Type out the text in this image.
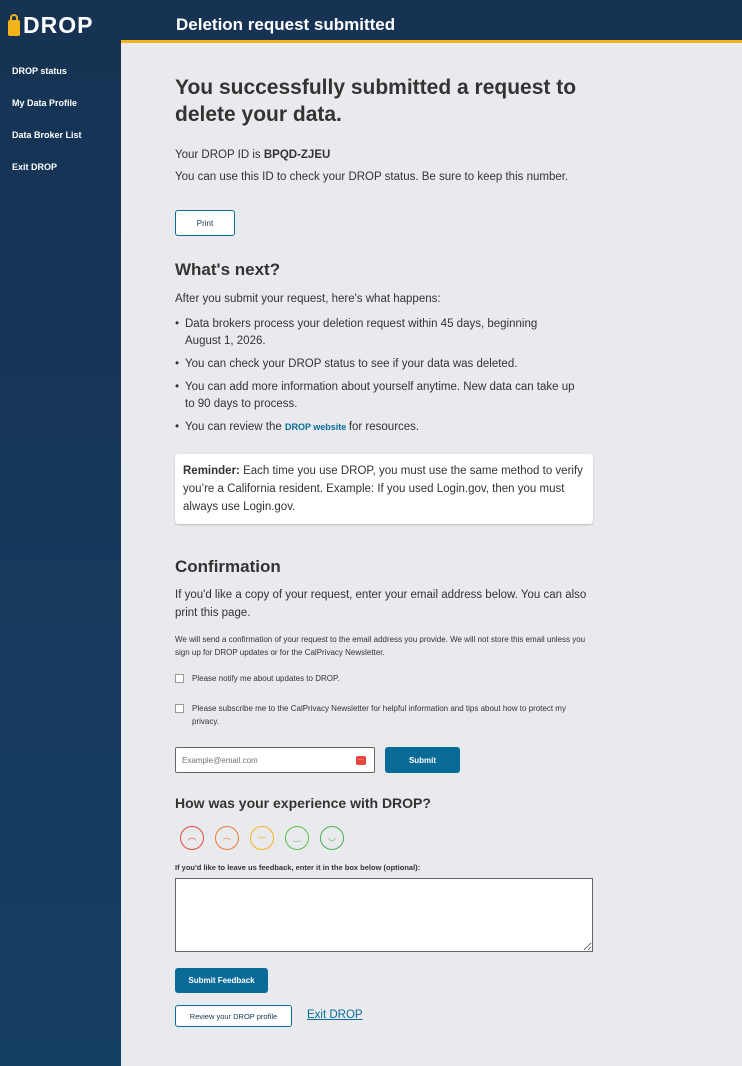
DROP	Deletion request submitted
DROP status
My Data Profile
Data Broker List
Exit DROP
You successfully submitted a request to delete your data.

Your DROP ID is BPQD-ZJEU

You can use this ID to check your DROP status. Be sure to keep this number.

Print
What's next?

After you submit your request, here's what happens:

• Data brokers process your deletion request within 45 days, beginning August 1, 2026.
• You can check your DROP status to see if your data was deleted.
• You can add more information about yourself anytime. New data can take up to 90 days to process.
• You can review the DROP website for resources.
Reminder: Each time you use DROP, you must use the same method to verify you’re a California resident. Example: If you used Login.gov, then you must always use Login.gov.
Confirmation

If you'd like a copy of your request, enter your email address below. You can also print this page.

We will send a confirmation of your request to the email address you provide. We will not store this email unless you sign up for DROP updates or for the CalPrivacy Newsletter.

Please notify me about updates to DROP.
Please subscribe me to the CalPrivacy Newsletter for helpful information and tips about how to protect my privacy.
Example@email.com
···	Submit

How was your experience with DROP?

︵	︵	—	‿	◡

If you'd like to leave us feedback, enter it in the box below (optional):

Submit Feedback
Review your DROP profile	Exit DROP
